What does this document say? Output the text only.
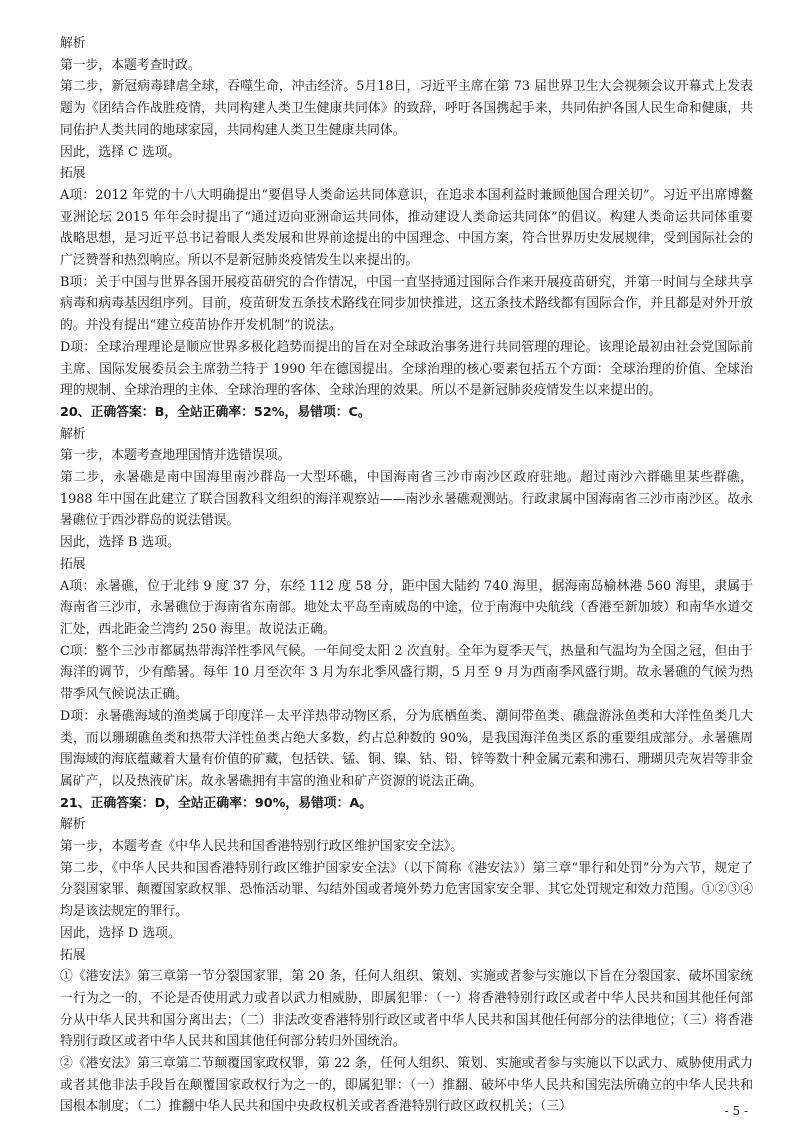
解析

第一步，本题考查时政。

第二步，新冠病毒肆虐全球，吞噬生命，冲击经济。5月18日，习近平主席在第 73 届世界卫生大会视频会议开幕式上发表题为《团结合作战胜疫情，共同构建人类卫生健康共同体》的致辞，呼吁各国携起手来，共同佑护各国人民生命和健康，共同佑护人类共同的地球家园，共同构建人类卫生健康共同体。

因此，选择 C 选项。

拓展

A项：2012 年党的十八大明确提出“要倡导人类命运共同体意识，在追求本国利益时兼顾他国合理关切”。习近平出席博鳌亚洲论坛 2015 年年会时提出了“通过迈向亚洲命运共同体，推动建设人类命运共同体”的倡议。构建人类命运共同体重要战略思想，是习近平总书记着眼人类发展和世界前途提出的中国理念、中国方案，符合世界历史发展规律，受到国际社会的广泛赞誉和热烈响应。所以不是新冠肺炎疫情发生以来提出的。

B项：关于中国与世界各国开展疫苗研究的合作情况，中国一直坚持通过国际合作来开展疫苗研究，并第一时间与全球共享病毒和病毒基因组序列。目前，疫苗研发五条技术路线在同步加快推进，这五条技术路线都有国际合作，并且都是对外开放的。并没有提出“建立疫苗协作开发机制”的说法。

D项：全球治理理论是顺应世界多极化趋势而提出的旨在对全球政治事务进行共同管理的理论。该理论最初由社会党国际前主席、国际发展委员会主席勃兰特于 1990 年在德国提出。全球治理的核心要素包括五个方面：全球治理的价值、全球治理的规制、全球治理的主体、全球治理的客体、全球治理的效果。所以不是新冠肺炎疫情发生以来提出的。

20、正确答案：B，全站正确率：52%，易错项：C。

解析

第一步，本题考查地理国情并选错误项。

第二步，永暑礁是南中国海里南沙群岛一大型环礁，中国海南省三沙市南沙区政府驻地。超过南沙六群礁里某些群礁，1988 年中国在此建立了联合国教科文组织的海洋观察站——南沙永暑礁观测站。行政隶属中国海南省三沙市南沙区。故永暑礁位于西沙群岛的说法错误。

因此，选择 B 选项。

拓展

A项：永暑礁，位于北纬 9 度 37 分，东经 112 度 58 分，距中国大陆约 740 海里，据海南岛榆林港 560 海里，隶属于海南省三沙市，永暑礁位于海南省东南部。地处太平岛至南威岛的中途，位于南海中央航线（香港至新加坡）和南华水道交汇处，西北距金兰湾约 250 海里。故说法正确。

C项：整个三沙市都属热带海洋性季风气候。一年间受太阳 2 次直射。全年为夏季天气，热量和气温均为全国之冠，但由于海洋的调节，少有酷暑。每年 10 月至次年 3 月为东北季风盛行期，5 月至 9 月为西南季风盛行期。故永暑礁的气候为热带季风气候说法正确。

D项：永暑礁海域的渔类属于印度洋－太平洋热带动物区系，分为底栖鱼类、潮间带鱼类、礁盘游泳鱼类和大洋性鱼类几大类，而以珊瑚礁鱼类和热带大洋性鱼类占绝大多数，约占总种数的 90%，是我国海洋鱼类区系的重要组成部分。永暑礁周围海域的海底蕴藏着大量有价值的矿藏，包括铁、锰、铜、镍、钴、铅、锌等数十种金属元素和沸石、珊瑚贝壳灰岩等非金属矿产，以及热液矿床。故永暑礁拥有丰富的渔业和矿产资源的说法正确。

21、正确答案：D，全站正确率：90%，易错项：A。

解析

第一步，本题考查《中华人民共和国香港特别行政区维护国家安全法》。

第二步，《中华人民共和国香港特别行政区维护国家安全法》（以下简称《港安法》）第三章“罪行和处罚”分为六节，规定了分裂国家罪、颠覆国家政权罪、恐怖活动罪、勾结外国或者境外势力危害国家安全罪、其它处罚规定和效力范围。①②③④均是该法规定的罪行。

因此，选择 D 选项。

拓展

①《港安法》第三章第一节分裂国家罪，第 20 条，任何人组织、策划、实施或者参与实施以下旨在分裂国家、破坏国家统一行为之一的，不论是否使用武力或者以武力相威胁，即属犯罪：（一）将香港特别行政区或者中华人民共和国其他任何部分从中华人民共和国分离出去；（二）非法改变香港特别行政区或者中华人民共和国其他任何部分的法律地位；（三）将香港特别行政区或者中华人民共和国其他任何部分转归外国统治。

②《港安法》第三章第二节颠覆国家政权罪，第 22 条，任何人组织、策划、实施或者参与实施以下以武力、威胁使用武力或者其他非法手段旨在颠覆国家政权行为之一的，即属犯罪：（一）推翻、破坏中华人民共和国宪法所确立的中华人民共和国根本制度；（二）推翻中华人民共和国中央政权机关或者香港特别行政区政权机关；（三）	- 5 -
